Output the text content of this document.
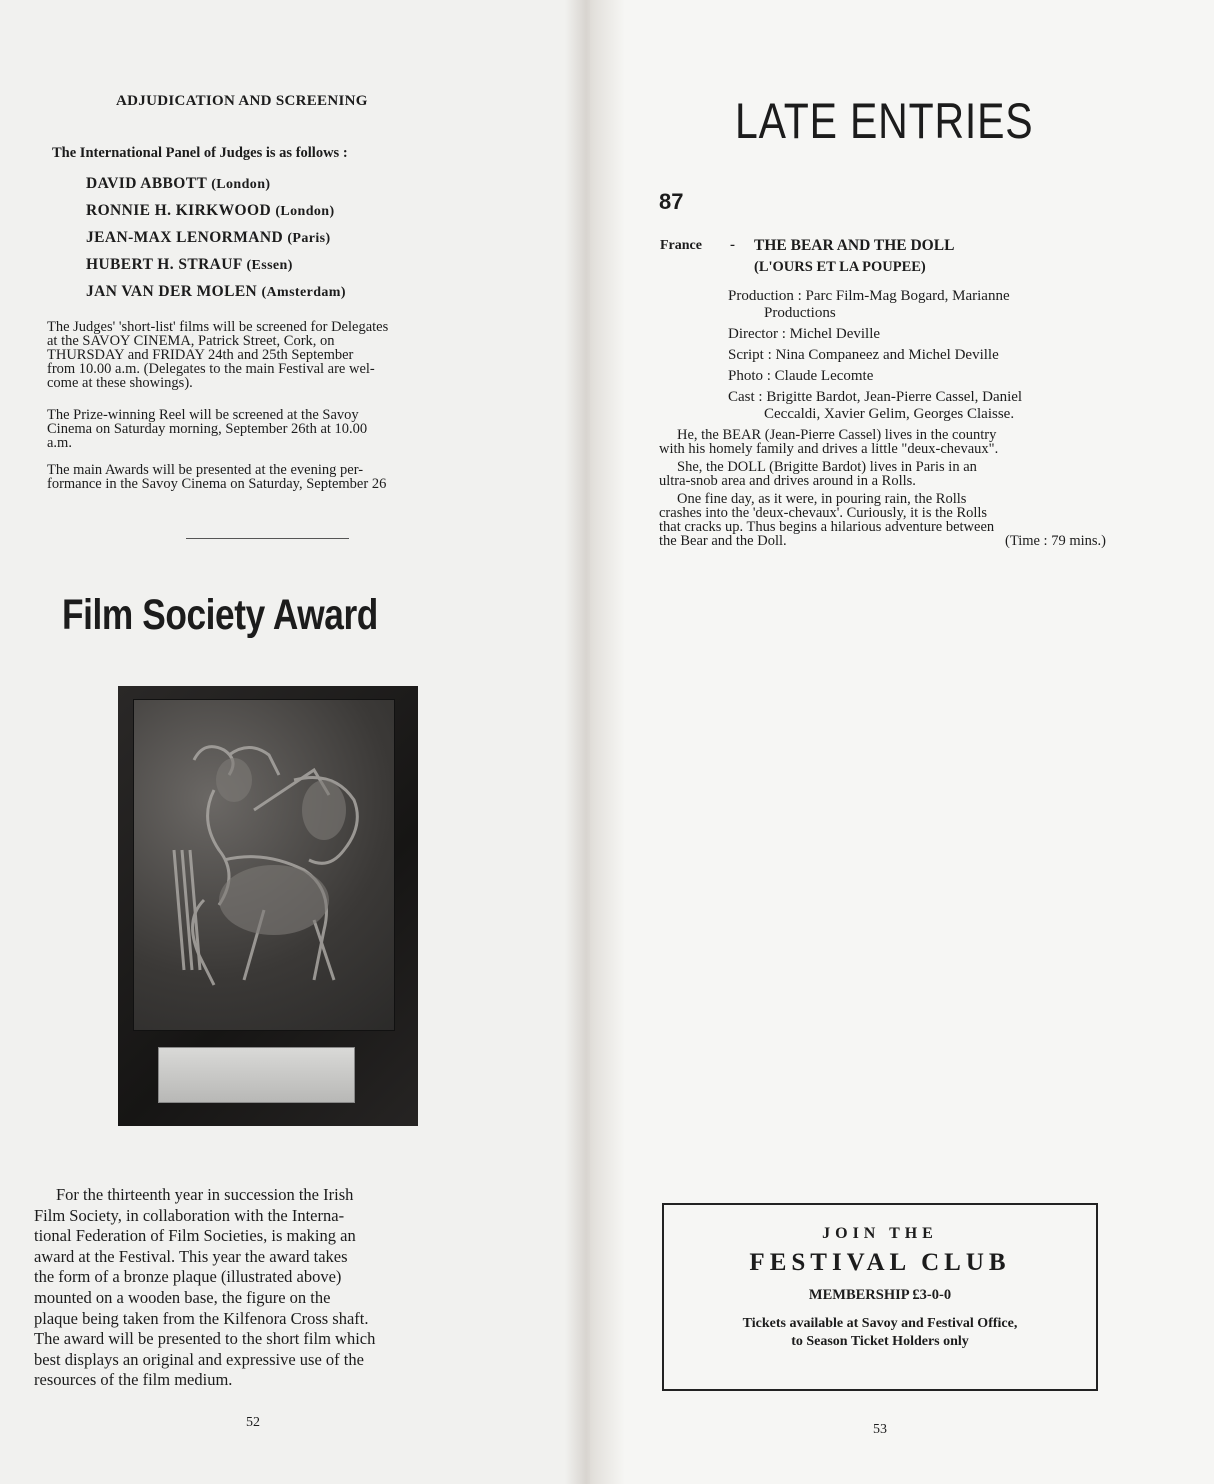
ADJUDICATION AND SCREENING
The International Panel of Judges is as follows :
DAVID ABBOTT (London)
RONNIE H. KIRKWOOD (London)
JEAN-MAX LENORMAND (Paris)
HUBERT H. STRAUF (Essen)
JAN VAN DER MOLEN (Amsterdam)
The Judges' 'short-list' films will be screened for Delegates
at the SAVOY CINEMA, Patrick Street, Cork, on
THURSDAY and FRIDAY 24th and 25th September
from 10.00 a.m. (Delegates to the main Festival are wel-
come at these showings).
The Prize-winning Reel will be screened at the Savoy
Cinema on Saturday morning, September 26th at 10.00
a.m.
The main Awards will be presented at the evening per-
formance in the Savoy Cinema on Saturday, September 26
Film Society Award
For the thirteenth year in succession the Irish
Film Society, in collaboration with the Interna-
tional Federation of Film Societies, is making an
award at the Festival. This year the award takes
the form of a bronze plaque (illustrated above)
mounted on a wooden base, the figure on the
plaque being taken from the Kilfenora Cross shaft.
The award will be presented to the short film which
best displays an original and expressive use of the
resources of the film medium.
52
LATE ENTRIES
87
France - THE BEAR AND THE DOLL
(L'OURS ET LA POUPEE)
Production : Parc Film-Mag Bogard, Marianne
Productions
Director : Michel Deville
Script : Nina Companeez and Michel Deville
Photo : Claude Lecomte
Cast : Brigitte Bardot, Jean-Pierre Cassel, Daniel
Ceccaldi, Xavier Gelim, Georges Claisse.
He, the BEAR (Jean-Pierre Cassel) lives in the country
with his homely family and drives a little "deux-chevaux".
She, the DOLL (Brigitte Bardot) lives in Paris in an
ultra-snob area and drives around in a Rolls.
One fine day, as it were, in pouring rain, the Rolls
crashes into the 'deux-chevaux'. Curiously, it is the Rolls
that cracks up. Thus begins a hilarious adventure between
the Bear and the Doll.	(Time : 79 mins.)
JOIN THE
FESTIVAL CLUB
MEMBERSHIP £3-0-0
Tickets available at Savoy and Festival Office,
to Season Ticket Holders only
53
